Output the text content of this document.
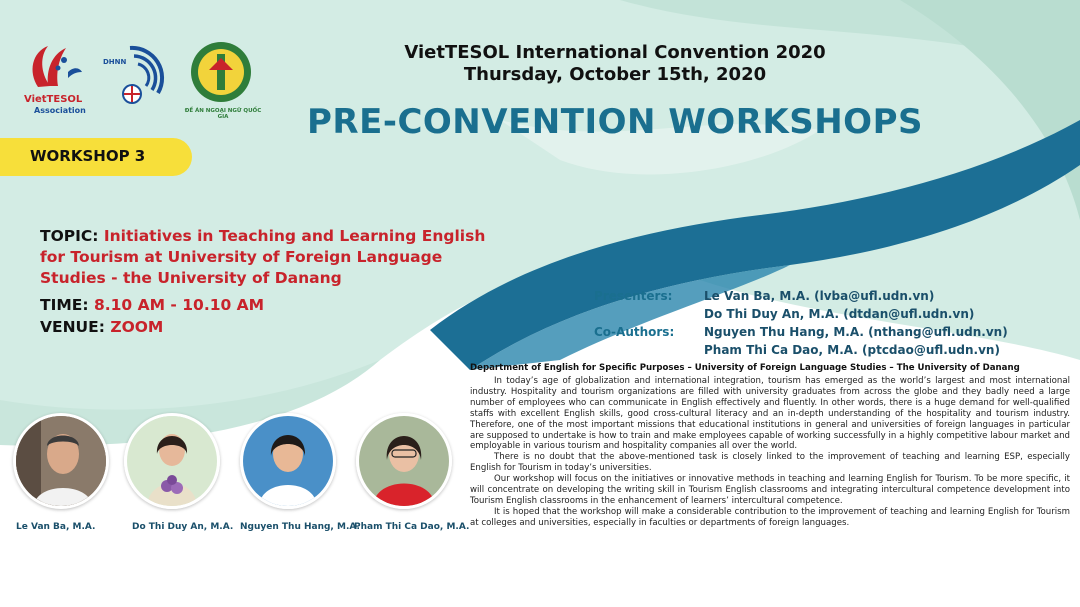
VietTESOL
Association
DHNN
ĐỀ ÁN NGOẠI NGỮ QUỐC GIA
VietTESOL International Convention 2020
Thursday, October 15th, 2020
PRE-CONVENTION WORKSHOPS
WORKSHOP 3
TOPIC: Initiatives in Teaching and Learning English for Tourism at University of Foreign Language Studies - the University of Danang
TIME: 8.10 AM - 10.10 AM
VENUE: ZOOM
Presenters:	Le Van Ba, M.A. (lvba@ufl.udn.vn)
Do Thi Duy An, M.A. (dtdan@ufl.udn.vn)
Co-Authors: Nguyen Thu Hang, M.A. (nthang@ufl.udn.vn)
Pham Thi Ca Dao, M.A. (ptcdao@ufl.udn.vn)
Department of English for Specific Purposes – University of Foreign Language Studies – The University of Danang

In today’s age of globalization and international integration, tourism has emerged as the world’s largest and most international industry. Hospitality and tourism organizations are filled with university graduates from across the globe and they badly need a large number of employees who can communicate in English effectively and fluently. In other words, there is a huge demand for well-qualified staffs with excellent English skills, good cross-cultural literacy and an in-depth understanding of the hospitality and tourism industry. Therefore, one of the most important missions that educational institutions in general and universities of foreign languages in particular are supposed to undertake is how to train and make employees capable of working successfully in a highly competitive labour market and employable in various tourism and hospitality companies all over the world.

There is no doubt that the above-mentioned task is closely linked to the improvement of teaching and learning ESP, especially English for Tourism in today’s universities.

Our workshop will focus on the initiatives or innovative methods in teaching and learning English for Tourism. To be more specific, it will concentrate on developing the writing skill in Tourism English classrooms and integrating intercultural competence development into Tourism English classrooms in the enhancement of learners’ intercultural competence.

It is hoped that the workshop will make a considerable contribution to the improvement of teaching and learning English for Tourism at colleges and universities, especially in faculties or departments of foreign languages.

Le Van Ba, M.A.	Do Thi Duy An, M.A. Nguyen Thu Hang, M.A.
Pham Thi Ca Dao, M.A.
